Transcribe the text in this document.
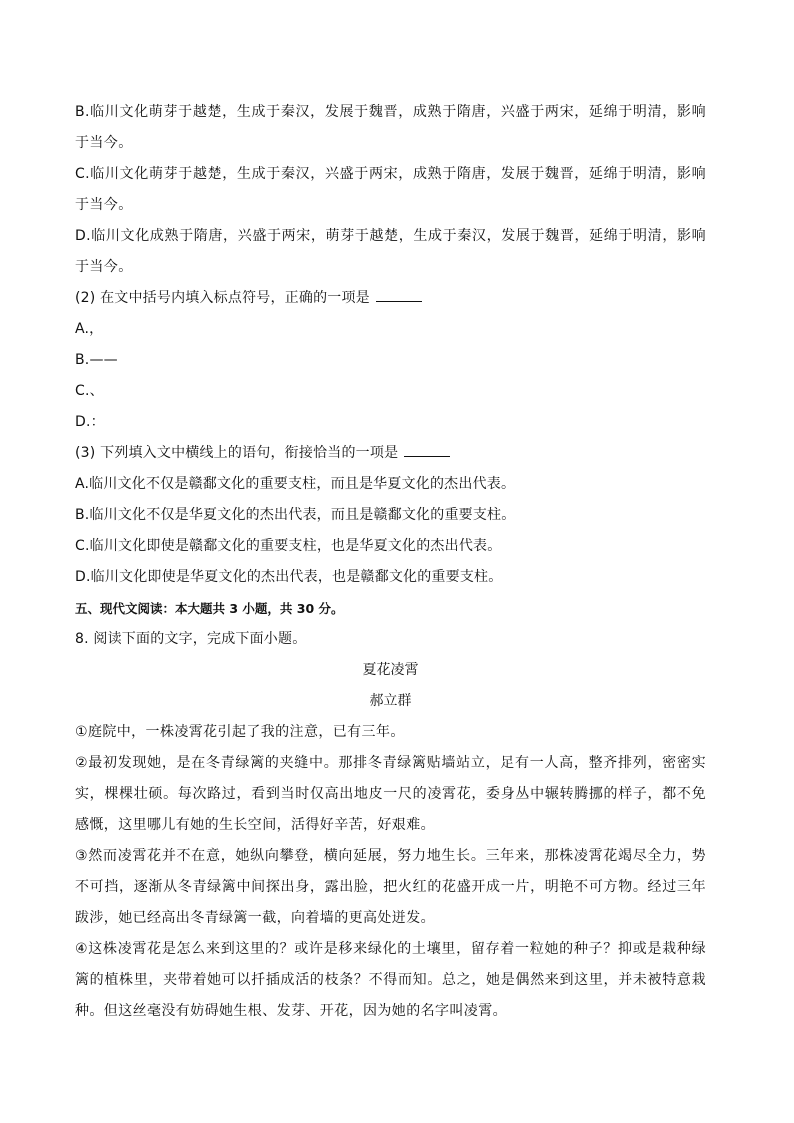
B.临川文化萌芽于越楚，生成于秦汉，发展于魏晋，成熟于隋唐，兴盛于两宋，延绵于明清，影响于当今。
C.临川文化萌芽于越楚，生成于秦汉，兴盛于两宋，成熟于隋唐，发展于魏晋，延绵于明清，影响于当今。
D.临川文化成熟于隋唐，兴盛于两宋，萌芽于越楚，生成于秦汉，发展于魏晋，延绵于明清，影响于当今。
(2) 在文中括号内填入标点符号，正确的一项是
A.，
B.——
C.、
D.：
(3) 下列填入文中横线上的语句，衔接恰当的一项是
A.临川文化不仅是赣鄱文化的重要支柱，而且是华夏文化的杰出代表。
B.临川文化不仅是华夏文化的杰出代表，而且是赣鄱文化的重要支柱。
C.临川文化即使是赣鄱文化的重要支柱，也是华夏文化的杰出代表。
D.临川文化即使是华夏文化的杰出代表，也是赣鄱文化的重要支柱。
五、现代文阅读：本大题共 3 小题，共 30 分。
8. 阅读下面的文字，完成下面小题。
夏花凌霄
郝立群
①庭院中，一株凌霄花引起了我的注意，已有三年。
②最初发现她，是在冬青绿篱的夹缝中。那排冬青绿篱贴墙站立，足有一人高，整齐排列，密密实实，棵棵壮硕。每次路过，看到当时仅高出地皮一尺的凌霄花，委身丛中辗转腾挪的样子，都不免感慨，这里哪儿有她的生长空间，活得好辛苦，好艰难。
③然而凌霄花并不在意，她纵向攀登，横向延展，努力地生长。三年来，那株凌霄花竭尽全力，势不可挡，逐渐从冬青绿篱中间探出身，露出脸，把火红的花盛开成一片，明艳不可方物。经过三年跋涉，她已经高出冬青绿篱一截，向着墙的更高处迸发。
④这株凌霄花是怎么来到这里的？或许是移来绿化的土壤里，留存着一粒她的种子？抑或是栽种绿篱的植株里，夹带着她可以扦插成活的枝条？不得而知。总之，她是偶然来到这里，并未被特意栽种。但这丝毫没有妨碍她生根、发芽、开花，因为她的名字叫凌霄。
